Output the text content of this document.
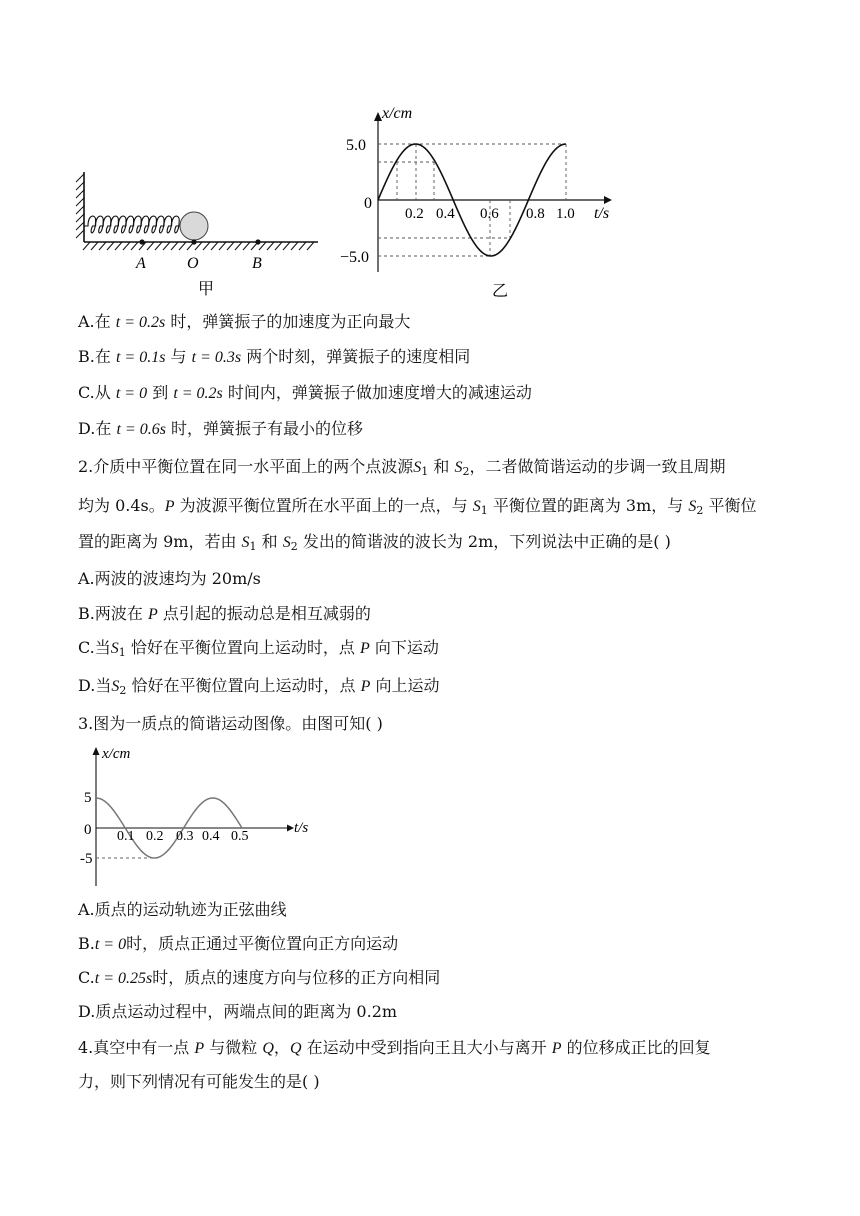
A	O	B
甲
x/cm
t/s
0
5.0
−5.0
0.2 0.4 0.6 0.8 1.0
乙
A.在 t = 0.2s 时，弹簧振子的加速度为正向最大
B.在 t = 0.1s 与 t = 0.3s 两个时刻，弹簧振子的速度相同
C.从 t = 0 到 t = 0.2s 时间内，弹簧振子做加速度增大的减速运动
D.在 t = 0.6s 时，弹簧振子有最小的位移
2.介质中平衡位置在同一水平面上的两个点波源$S_1$ 和 $S_2$，二者做简谐运动的步调一致且周期
均为 0.4s。P 为波源平衡位置所在水平面上的一点，与 $S_1$ 平衡位置的距离为 3m，与 $S_2$ 平衡位
置的距离为 9m，若由 $S_1$ 和 $S_2$ 发出的简谐波的波长为 2m，下列说法中正确的是( )
A.两波的波速均为 20m/s
B.两波在 P 点引起的振动总是相互减弱的
C.当$S_1$ 恰好在平衡位置向上运动时，点 P 向下运动
D.当$S_2$ 恰好在平衡位置向上运动时，点 P 向上运动
3.图为一质点的简谐运动图像。由图可知( )
x/cm
t/s
0
5
-5
0.1 0.2 0.3 0.4 0.5
A.质点的运动轨迹为正弦曲线
B.t = 0时，质点正通过平衡位置向正方向运动
C.t = 0.25s时，质点的速度方向与位移的正方向相同
D.质点运动过程中，两端点间的距离为 0.2m
4.真空中有一点 P 与微粒 Q，Q 在运动中受到指向王且大小与离开 P 的位移成正比的回复
力，则下列情况有可能发生的是( )
